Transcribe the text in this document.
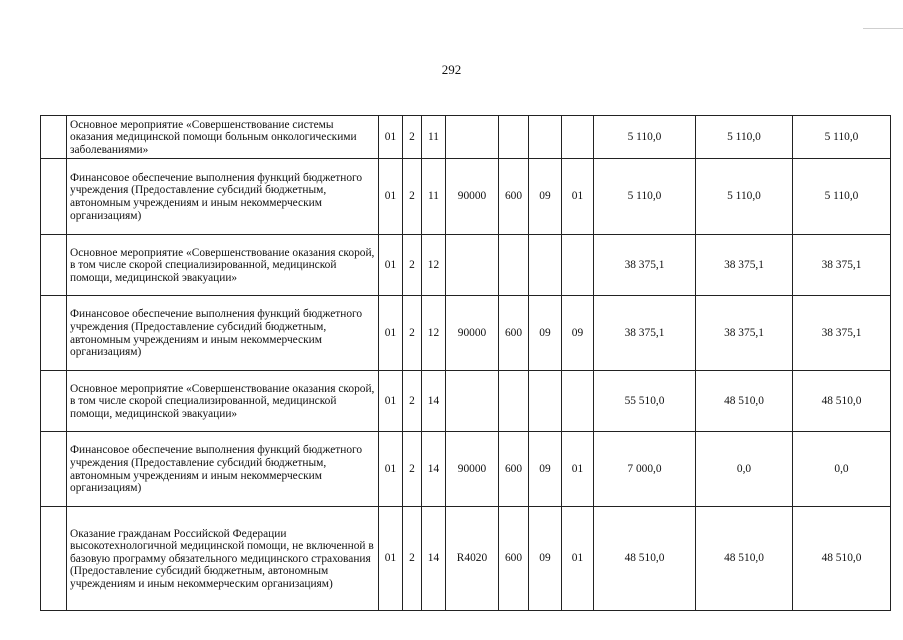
292
	Основное мероприятие «Совершенствование системы оказания медицинской помощи больным онкологическими заболеваниями»	01	2	11					5 110,0	5 110,0	5 110,0
	Финансовое обеспечение выполнения функций бюджетного учреждения (Предоставление субсидий бюджетным, автономным учреждениям и иным некоммерческим организациям)	01	2	11	90000	600	09	01	5 110,0	5 110,0	5 110,0
	Основное мероприятие «Совершенствование оказания скорой, в том числе скорой специализированной, медицинской помощи, медицинской эвакуации»	01	2	12					38 375,1	38 375,1	38 375,1
	Финансовое обеспечение выполнения функций бюджетного учреждения (Предоставление субсидий бюджетным, автономным учреждениям и иным некоммерческим организациям)	01	2	12	90000	600	09	09	38 375,1	38 375,1	38 375,1
	Основное мероприятие «Совершенствование оказания скорой, в том числе скорой специализированной, медицинской помощи, медицинской эвакуации»	01	2	14					55 510,0	48 510,0	48 510,0
	Финансовое обеспечение выполнения функций бюджетного учреждения (Предоставление субсидий бюджетным, автономным учреждениям и иным некоммерческим организациям)	01	2	14	90000	600	09	01	7 000,0	0,0	0,0
	Оказание гражданам Российской Федерации высокотехнологичной медицинской помощи, не включенной в базовую программу обязательного медицинского страхования (Предоставление субсидий бюджетным, автономным учреждениям и иным некоммерческим организациям)	01	2	14	R4020	600	09	01	48 510,0	48 510,0	48 510,0
